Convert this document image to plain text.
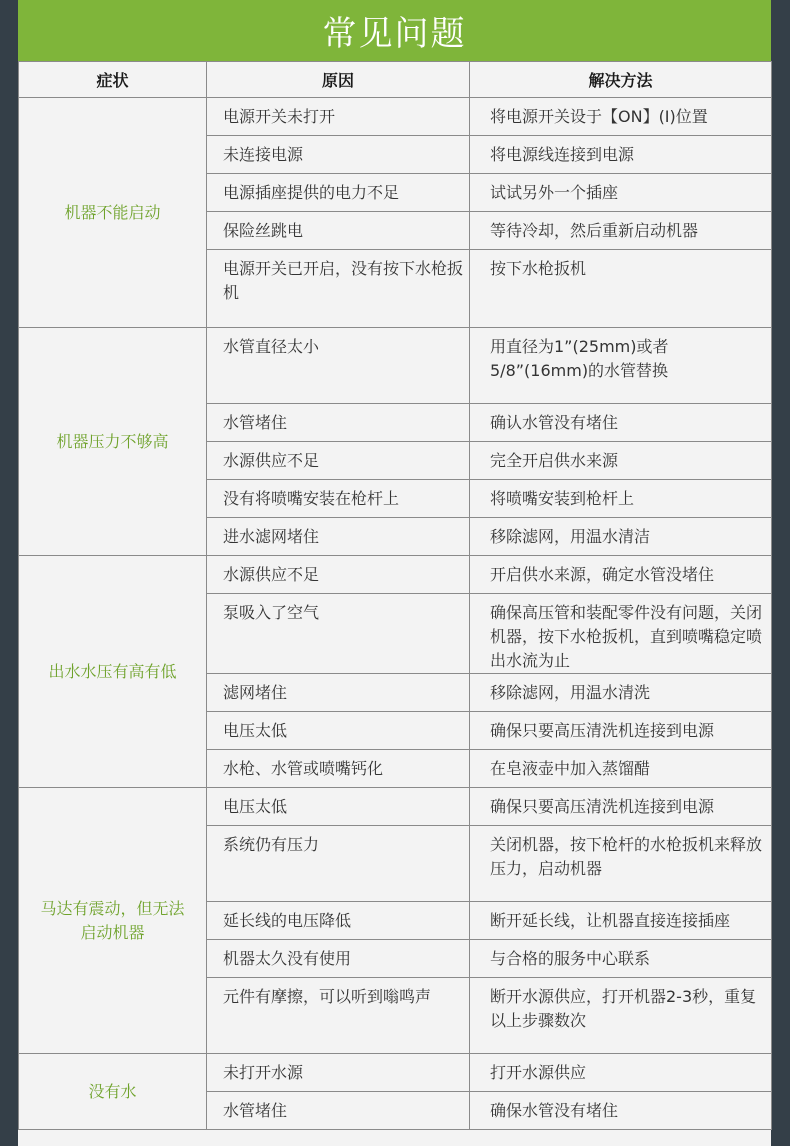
常见问题
症状	原因	解决方法
机器不能启动	电源开关未打开	将电源开关设于【ON】(I)位置
	未连接电源	将电源线连接到电源
	电源插座提供的电力不足	试试另外一个插座
	保险丝跳电	等待冷却，然后重新启动机器
	电源开关已开启，没有按下水枪扳机	按下水枪扳机
机器压力不够高	水管直径太小	用直径为1”(25mm)或者5/8”(16mm)的水管替换
	水管堵住	确认水管没有堵住
	水源供应不足	完全开启供水来源
	没有将喷嘴安装在枪杆上	将喷嘴安装到枪杆上
	进水滤网堵住	移除滤网，用温水清洁
出水水压有高有低	水源供应不足	开启供水来源，确定水管没堵住
	泵吸入了空气	确保高压管和装配零件没有问题，关闭机器，按下水枪扳机，直到喷嘴稳定喷出水流为止
	滤网堵住	移除滤网，用温水清洗
	电压太低	确保只要高压清洗机连接到电源
	水枪、水管或喷嘴钙化	在皂液壶中加入蒸馏醋
马达有震动，但无法启动机器	电压太低	确保只要高压清洗机连接到电源
	系统仍有压力	关闭机器，按下枪杆的水枪扳机来释放压力，启动机器
	延长线的电压降低	断开延长线，让机器直接连接插座
	机器太久没有使用	与合格的服务中心联系
	元件有摩擦，可以听到嗡鸣声	断开水源供应，打开机器2-3秒，重复以上步骤数次
没有水	未打开水源	打开水源供应
	水管堵住	确保水管没有堵住
